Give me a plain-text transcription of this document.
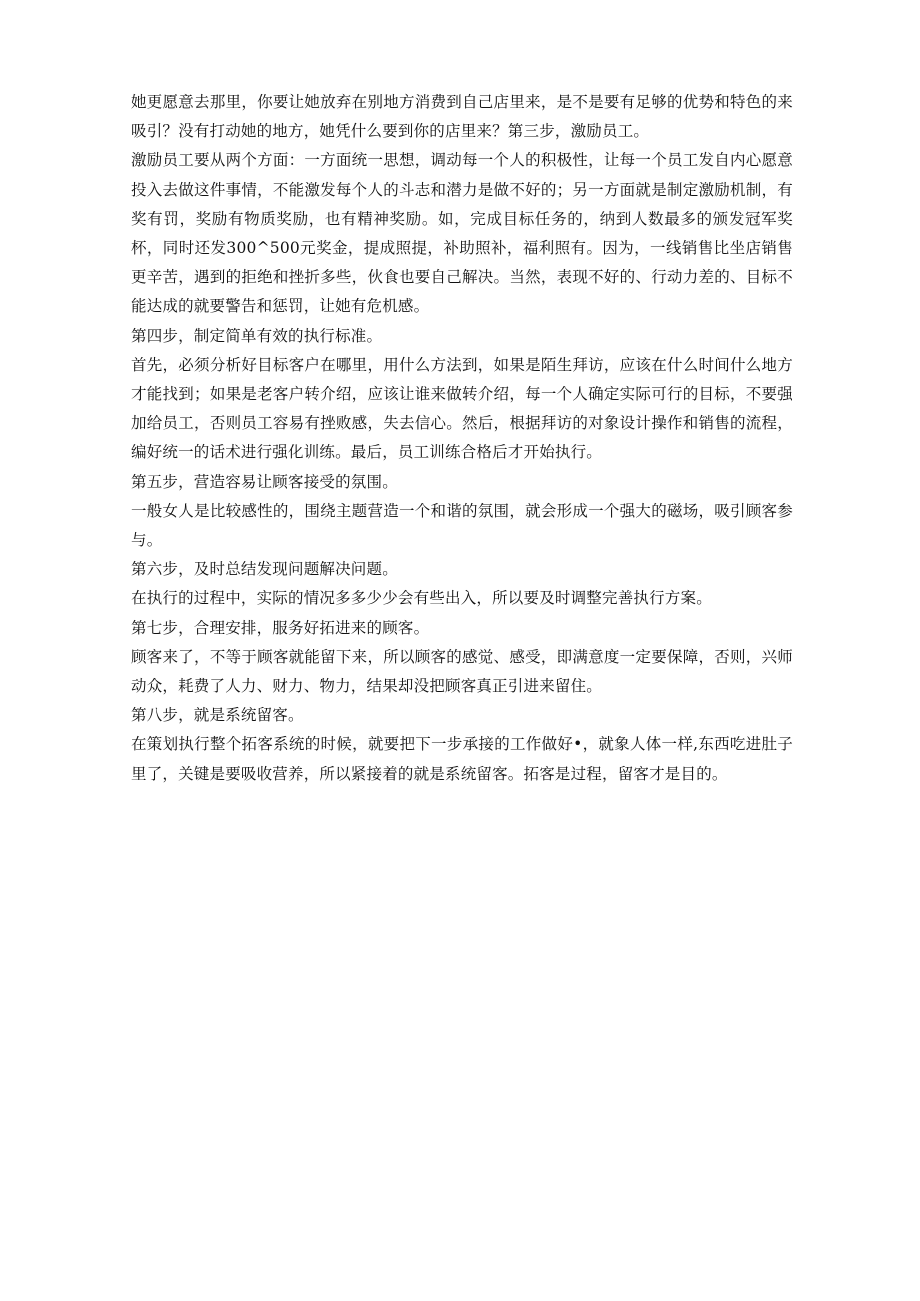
她更愿意去那里，你要让她放弃在别地方消费到自己店里来，是不是要有足够的优势和特色的来吸引？没有打动她的地方，她凭什么要到你的店里来？第三步，激励员工。

激励员工要从两个方面：一方面统一思想，调动每一个人的积极性，让每一个员工发自内心愿意投入去做这件事情，不能激发每个人的斗志和潜力是做不好的；另一方面就是制定激励机制，有奖有罚，奖励有物质奖励，也有精神奖励。如，完成目标任务的，纳到人数最多的颁发冠军奖杯，同时还发300^500元奖金，提成照提，补助照补，福利照有。因为，一线销售比坐店销售更辛苦，遇到的拒绝和挫折多些，伙食也要自己解决。当然，表现不好的、行动力差的、目标不能达成的就要警告和惩罚，让她有危机感。

第四步，制定简单有效的执行标准。

首先，必须分析好目标客户在哪里，用什么方法到，如果是陌生拜访，应该在什么时间什么地方才能找到；如果是老客户转介绍，应该让谁来做转介绍，每一个人确定实际可行的目标，不要强加给员工，否则员工容易有挫败感，失去信心。然后，根据拜访的对象设计操作和销售的流程，编好统一的话术进行强化训练。最后，员工训练合格后才开始执行。

第五步，营造容易让顾客接受的氛围。

一般女人是比较感性的，围绕主题营造一个和谐的氛围，就会形成一个强大的磁场，吸引顾客参与。

第六步，及时总结发现问题解决问题。

在执行的过程中，实际的情况多多少少会有些出入，所以要及时调整完善执行方案。

第七步，合理安排，服务好拓进来的顾客。

顾客来了，不等于顾客就能留下来，所以顾客的感觉、感受，即满意度一定要保障，否则，兴师动众，耗费了人力、财力、物力，结果却没把顾客真正引进来留住。

第八步，就是系统留客。

在策划执行整个拓客系统的时候，就要把下一步承接的工作做好•，就象人体一样,东西吃进肚子里了，关键是要吸收营养，所以紧接着的就是系统留客。拓客是过程，留客才是目的。
